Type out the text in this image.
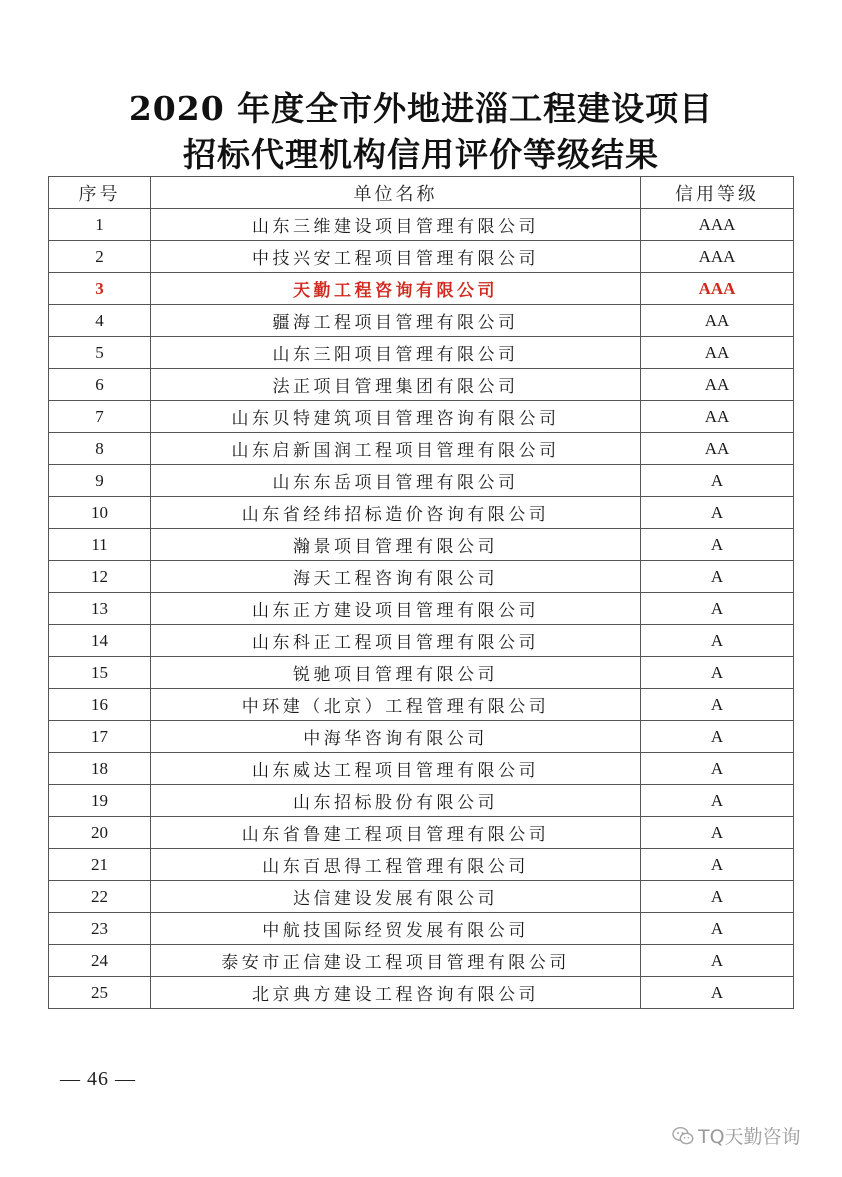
2020 年度全市外地进淄工程建设项目
招标代理机构信用评价等级结果
序号	单位名称	信用等级
1	山东三维建设项目管理有限公司	AAA
2	中技兴安工程项目管理有限公司	AAA
3	天勤工程咨询有限公司	AAA
4	疆海工程项目管理有限公司	AA
5	山东三阳项目管理有限公司	AA
6	法正项目管理集团有限公司	AA
7	山东贝特建筑项目管理咨询有限公司	AA
8	山东启新国润工程项目管理有限公司	AA
9	山东东岳项目管理有限公司	A
10	山东省经纬招标造价咨询有限公司	A
11	瀚景项目管理有限公司	A
12	海天工程咨询有限公司	A
13	山东正方建设项目管理有限公司	A
14	山东科正工程项目管理有限公司	A
15	锐驰项目管理有限公司	A
16	中环建（北京）工程管理有限公司	A
17	中海华咨询有限公司	A
18	山东威达工程项目管理有限公司	A
19	山东招标股份有限公司	A
20	山东省鲁建工程项目管理有限公司	A
21	山东百思得工程管理有限公司	A
22	达信建设发展有限公司	A
23	中航技国际经贸发展有限公司	A
24	泰安市正信建设工程项目管理有限公司	A
25	北京典方建设工程咨询有限公司	A
— 46 —
TQ天勤咨询
